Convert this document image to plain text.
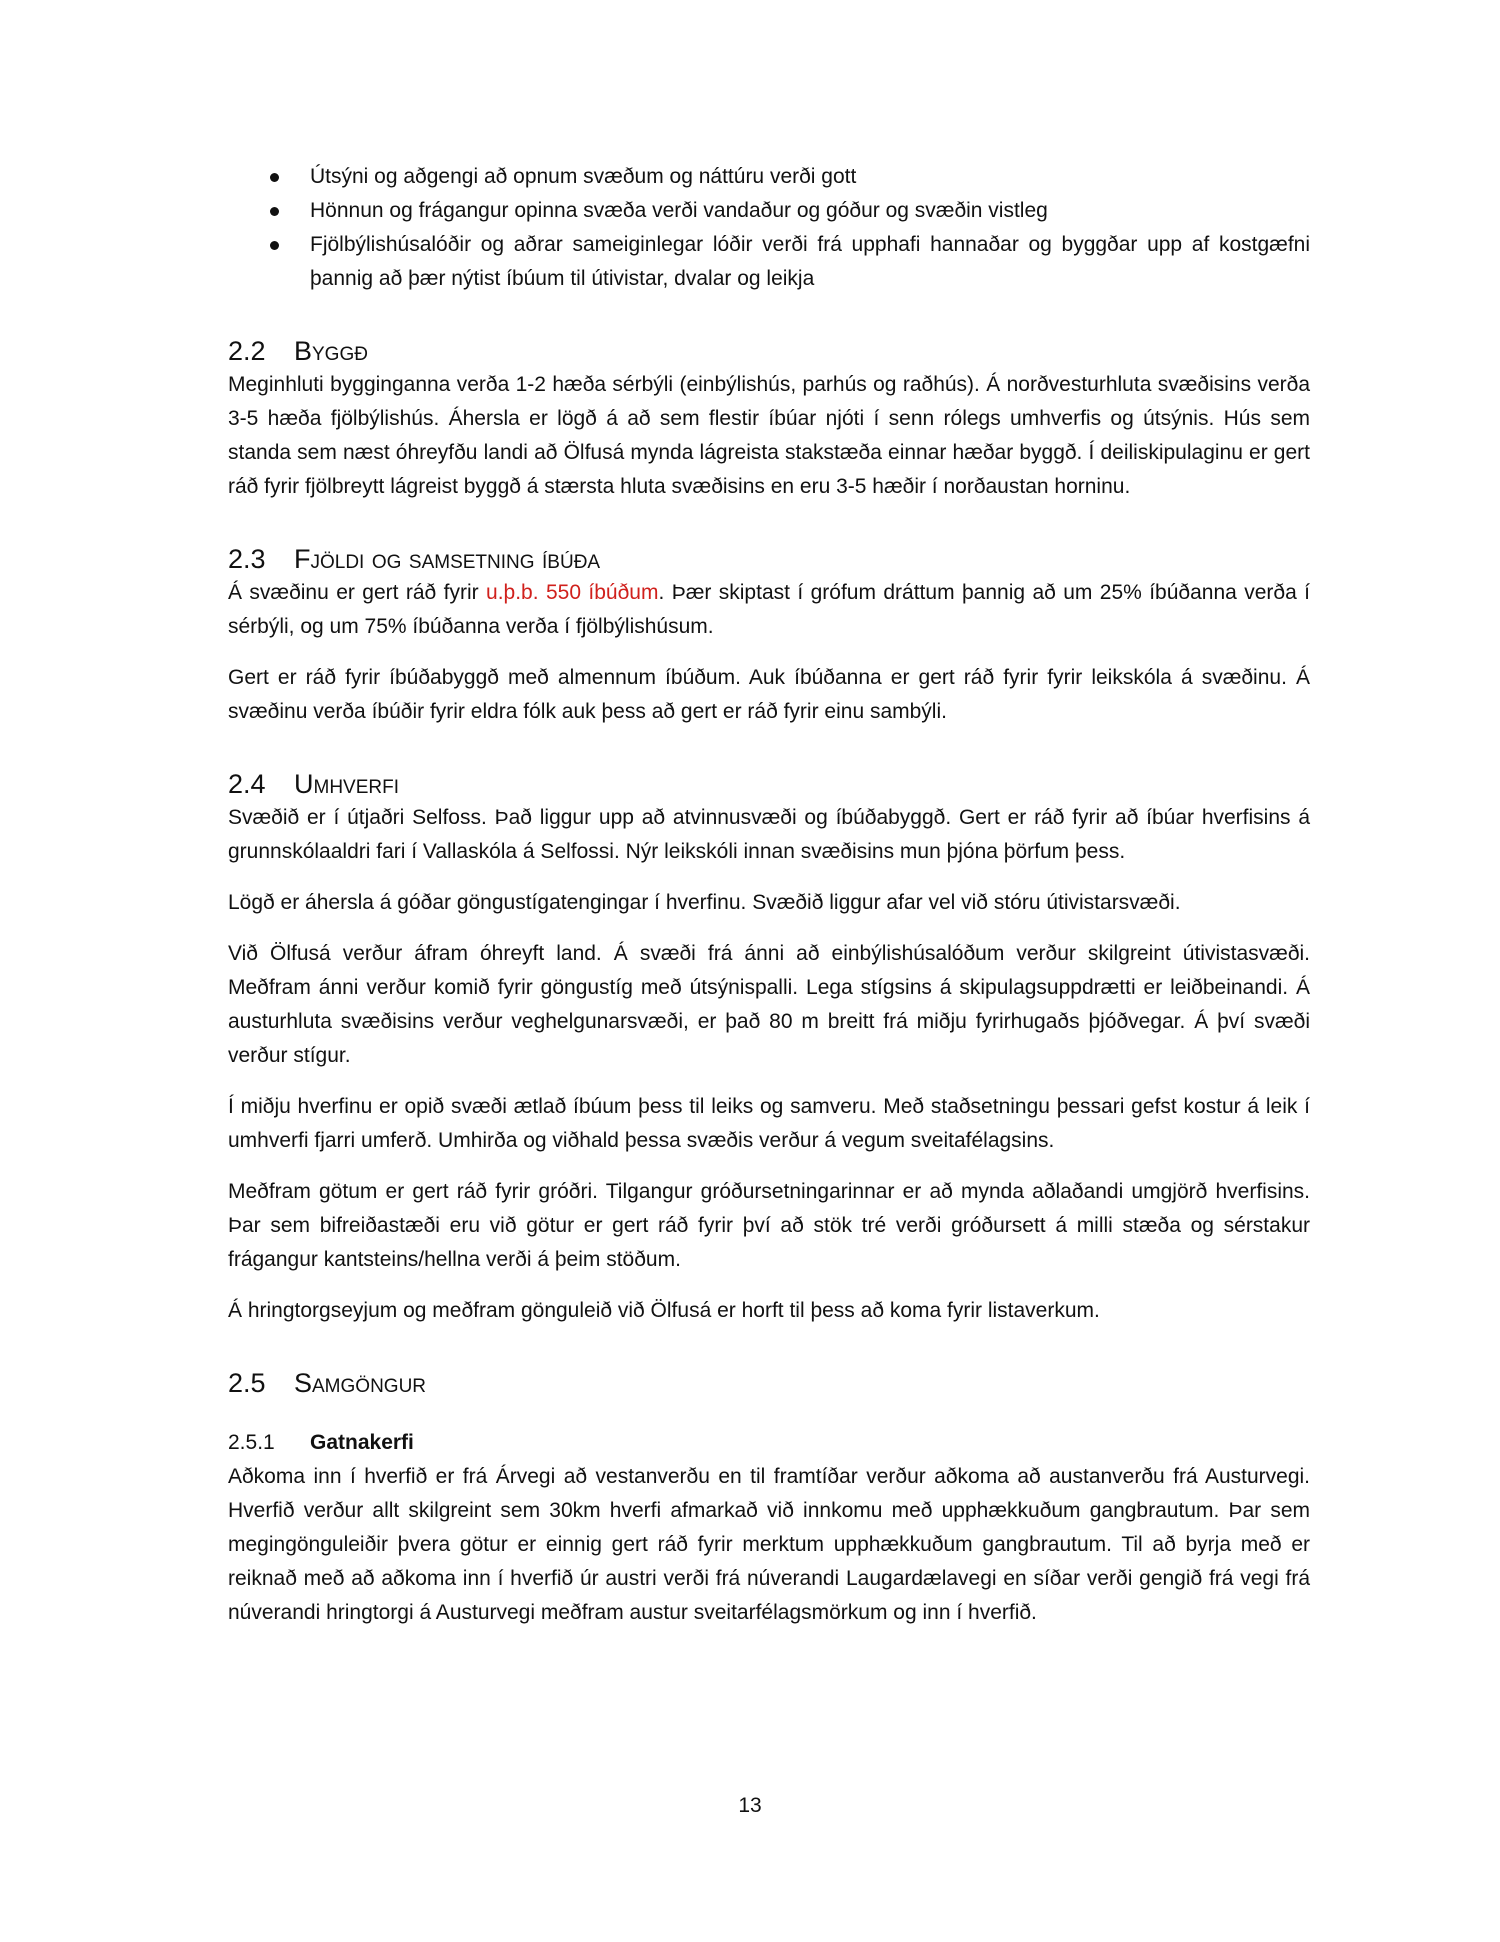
Útsýni og aðgengi að opnum svæðum og náttúru verði gott
Hönnun og frágangur opinna svæða verði vandaður og góður og svæðin vistleg
Fjölbýlishúsalóðir og aðrar sameiginlegar lóðir verði frá upphafi hannaðar og byggðar upp af kostgæfni þannig að þær nýtist íbúum til útivistar, dvalar og leikja
2.2	Byggð

Meginhluti bygginganna verða 1-2 hæða sérbýli (einbýlishús, parhús og raðhús). Á norðvesturhluta svæðisins verða 3-5 hæða fjölbýlishús. Áhersla er lögð á að sem flestir íbúar njóti í senn rólegs umhverfis og útsýnis. Hús sem standa sem næst óhreyfðu landi að Ölfusá mynda lágreista stakstæða einnar hæðar byggð. Í deiliskipulaginu er gert ráð fyrir fjölbreytt lágreist byggð á stærsta hluta svæðisins en eru 3-5 hæðir í norðaustan horninu.

2.3	Fjöldi og samsetning íbúða

Á svæðinu er gert ráð fyrir u.þ.b. 550 íbúðum. Þær skiptast í grófum dráttum þannig að um 25% íbúðanna verða í sérbýli, og um 75% íbúðanna verða í fjölbýlishúsum.

Gert er ráð fyrir íbúðabyggð með almennum íbúðum. Auk íbúðanna er gert ráð fyrir fyrir leikskóla á svæðinu. Á svæðinu verða íbúðir fyrir eldra fólk auk þess að gert er ráð fyrir einu sambýli.

2.4	Umhverfi

Svæðið er í útjaðri Selfoss. Það liggur upp að atvinnusvæði og íbúðabyggð. Gert er ráð fyrir að íbúar hverfisins á grunnskólaaldri fari í Vallaskóla á Selfossi. Nýr leikskóli innan svæðisins mun þjóna þörfum þess.

Lögð er áhersla á góðar göngustígatengingar í hverfinu. Svæðið liggur afar vel við stóru útivistarsvæði.

Við Ölfusá verður áfram óhreyft land. Á svæði frá ánni að einbýlishúsalóðum verður skilgreint útivistasvæði. Meðfram ánni verður komið fyrir göngustíg með útsýnispalli. Lega stígsins á skipulagsuppdrætti er leiðbeinandi. Á austurhluta svæðisins verður veghelgunarsvæði, er það 80 m breitt frá miðju fyrirhugaðs þjóðvegar. Á því svæði verður stígur.

Í miðju hverfinu er opið svæði ætlað íbúum þess til leiks og samveru. Með staðsetningu þessari gefst kostur á leik í umhverfi fjarri umferð. Umhirða og viðhald þessa svæðis verður á vegum sveitafélagsins.

Meðfram götum er gert ráð fyrir gróðri. Tilgangur gróðursetningarinnar er að mynda aðlaðandi umgjörð hverfisins. Þar sem bifreiðastæði eru við götur er gert ráð fyrir því að stök tré verði gróðursett á milli stæða og sérstakur frágangur kantsteins/hellna verði á þeim stöðum.

Á hringtorgseyjum og meðfram gönguleið við Ölfusá er horft til þess að koma fyrir listaverkum.

2.5	Samgöngur
2.5.1	Gatnakerfi

Aðkoma inn í hverfið er frá Árvegi að vestanverðu en til framtíðar verður aðkoma að austanverðu frá Austurvegi. Hverfið verður allt skilgreint sem 30km hverfi afmarkað við innkomu með upphækkuðum gangbrautum. Þar sem megingönguleiðir þvera götur er einnig gert ráð fyrir merktum upphækkuðum gangbrautum. Til að byrja með er reiknað með að aðkoma inn í hverfið úr austri verði frá núverandi Laugardælavegi en síðar verði gengið frá vegi frá núverandi hringtorgi á Austurvegi meðfram austur sveitarfélagsmörkum og inn í hverfið.

13
